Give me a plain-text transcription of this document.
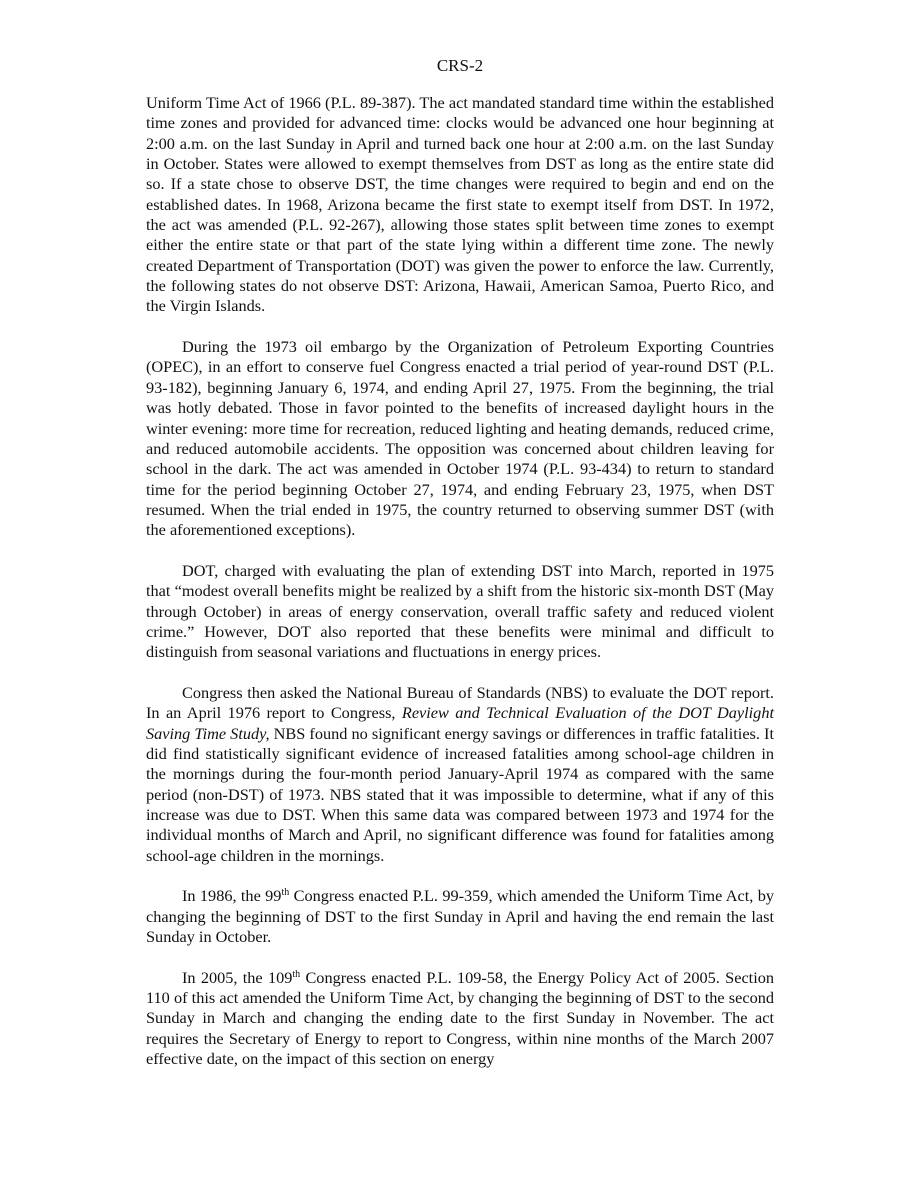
CRS-2

Uniform Time Act of 1966 (P.L. 89-387). The act mandated standard time within the established time zones and provided for advanced time: clocks would be advanced one hour beginning at 2:00 a.m. on the last Sunday in April and turned back one hour at 2:00 a.m. on the last Sunday in October. States were allowed to exempt themselves from DST as long as the entire state did so. If a state chose to observe DST, the time changes were required to begin and end on the established dates. In 1968, Arizona became the first state to exempt itself from DST. In 1972, the act was amended (P.L. 92-267), allowing those states split between time zones to exempt either the entire state or that part of the state lying within a different time zone. The newly created Department of Transportation (DOT) was given the power to enforce the law. Currently, the following states do not observe DST: Arizona, Hawaii, American Samoa, Puerto Rico, and the Virgin Islands.

During the 1973 oil embargo by the Organization of Petroleum Exporting Countries (OPEC), in an effort to conserve fuel Congress enacted a trial period of year-round DST (P.L. 93-182), beginning January 6, 1974, and ending April 27, 1975. From the beginning, the trial was hotly debated. Those in favor pointed to the benefits of increased daylight hours in the winter evening: more time for recreation, reduced lighting and heating demands, reduced crime, and reduced automobile accidents. The opposition was concerned about children leaving for school in the dark. The act was amended in October 1974 (P.L. 93-434) to return to standard time for the period beginning October 27, 1974, and ending February 23, 1975, when DST resumed. When the trial ended in 1975, the country returned to observing summer DST (with the aforementioned exceptions).

DOT, charged with evaluating the plan of extending DST into March, reported in 1975 that “modest overall benefits might be realized by a shift from the historic six-month DST (May through October) in areas of energy conservation, overall traffic safety and reduced violent crime.” However, DOT also reported that these benefits were minimal and difficult to distinguish from seasonal variations and fluctuations in energy prices.

Congress then asked the National Bureau of Standards (NBS) to evaluate the DOT report. In an April 1976 report to Congress, Review and Technical Evaluation of the DOT Daylight Saving Time Study, NBS found no significant energy savings or differences in traffic fatalities. It did find statistically significant evidence of increased fatalities among school-age children in the mornings during the four-month period January-April 1974 as compared with the same period (non-DST) of 1973. NBS stated that it was impossible to determine, what if any of this increase was due to DST. When this same data was compared between 1973 and 1974 for the individual months of March and April, no significant difference was found for fatalities among school-age children in the mornings.

In 1986, the 99th Congress enacted P.L. 99-359, which amended the Uniform Time Act, by changing the beginning of DST to the first Sunday in April and having the end remain the last Sunday in October.

In 2005, the 109th Congress enacted P.L. 109-58, the Energy Policy Act of 2005. Section 110 of this act amended the Uniform Time Act, by changing the beginning of DST to the second Sunday in March and changing the ending date to the first Sunday in November. The act requires the Secretary of Energy to report to Congress, within nine months of the March 2007 effective date, on the impact of this section on energy
